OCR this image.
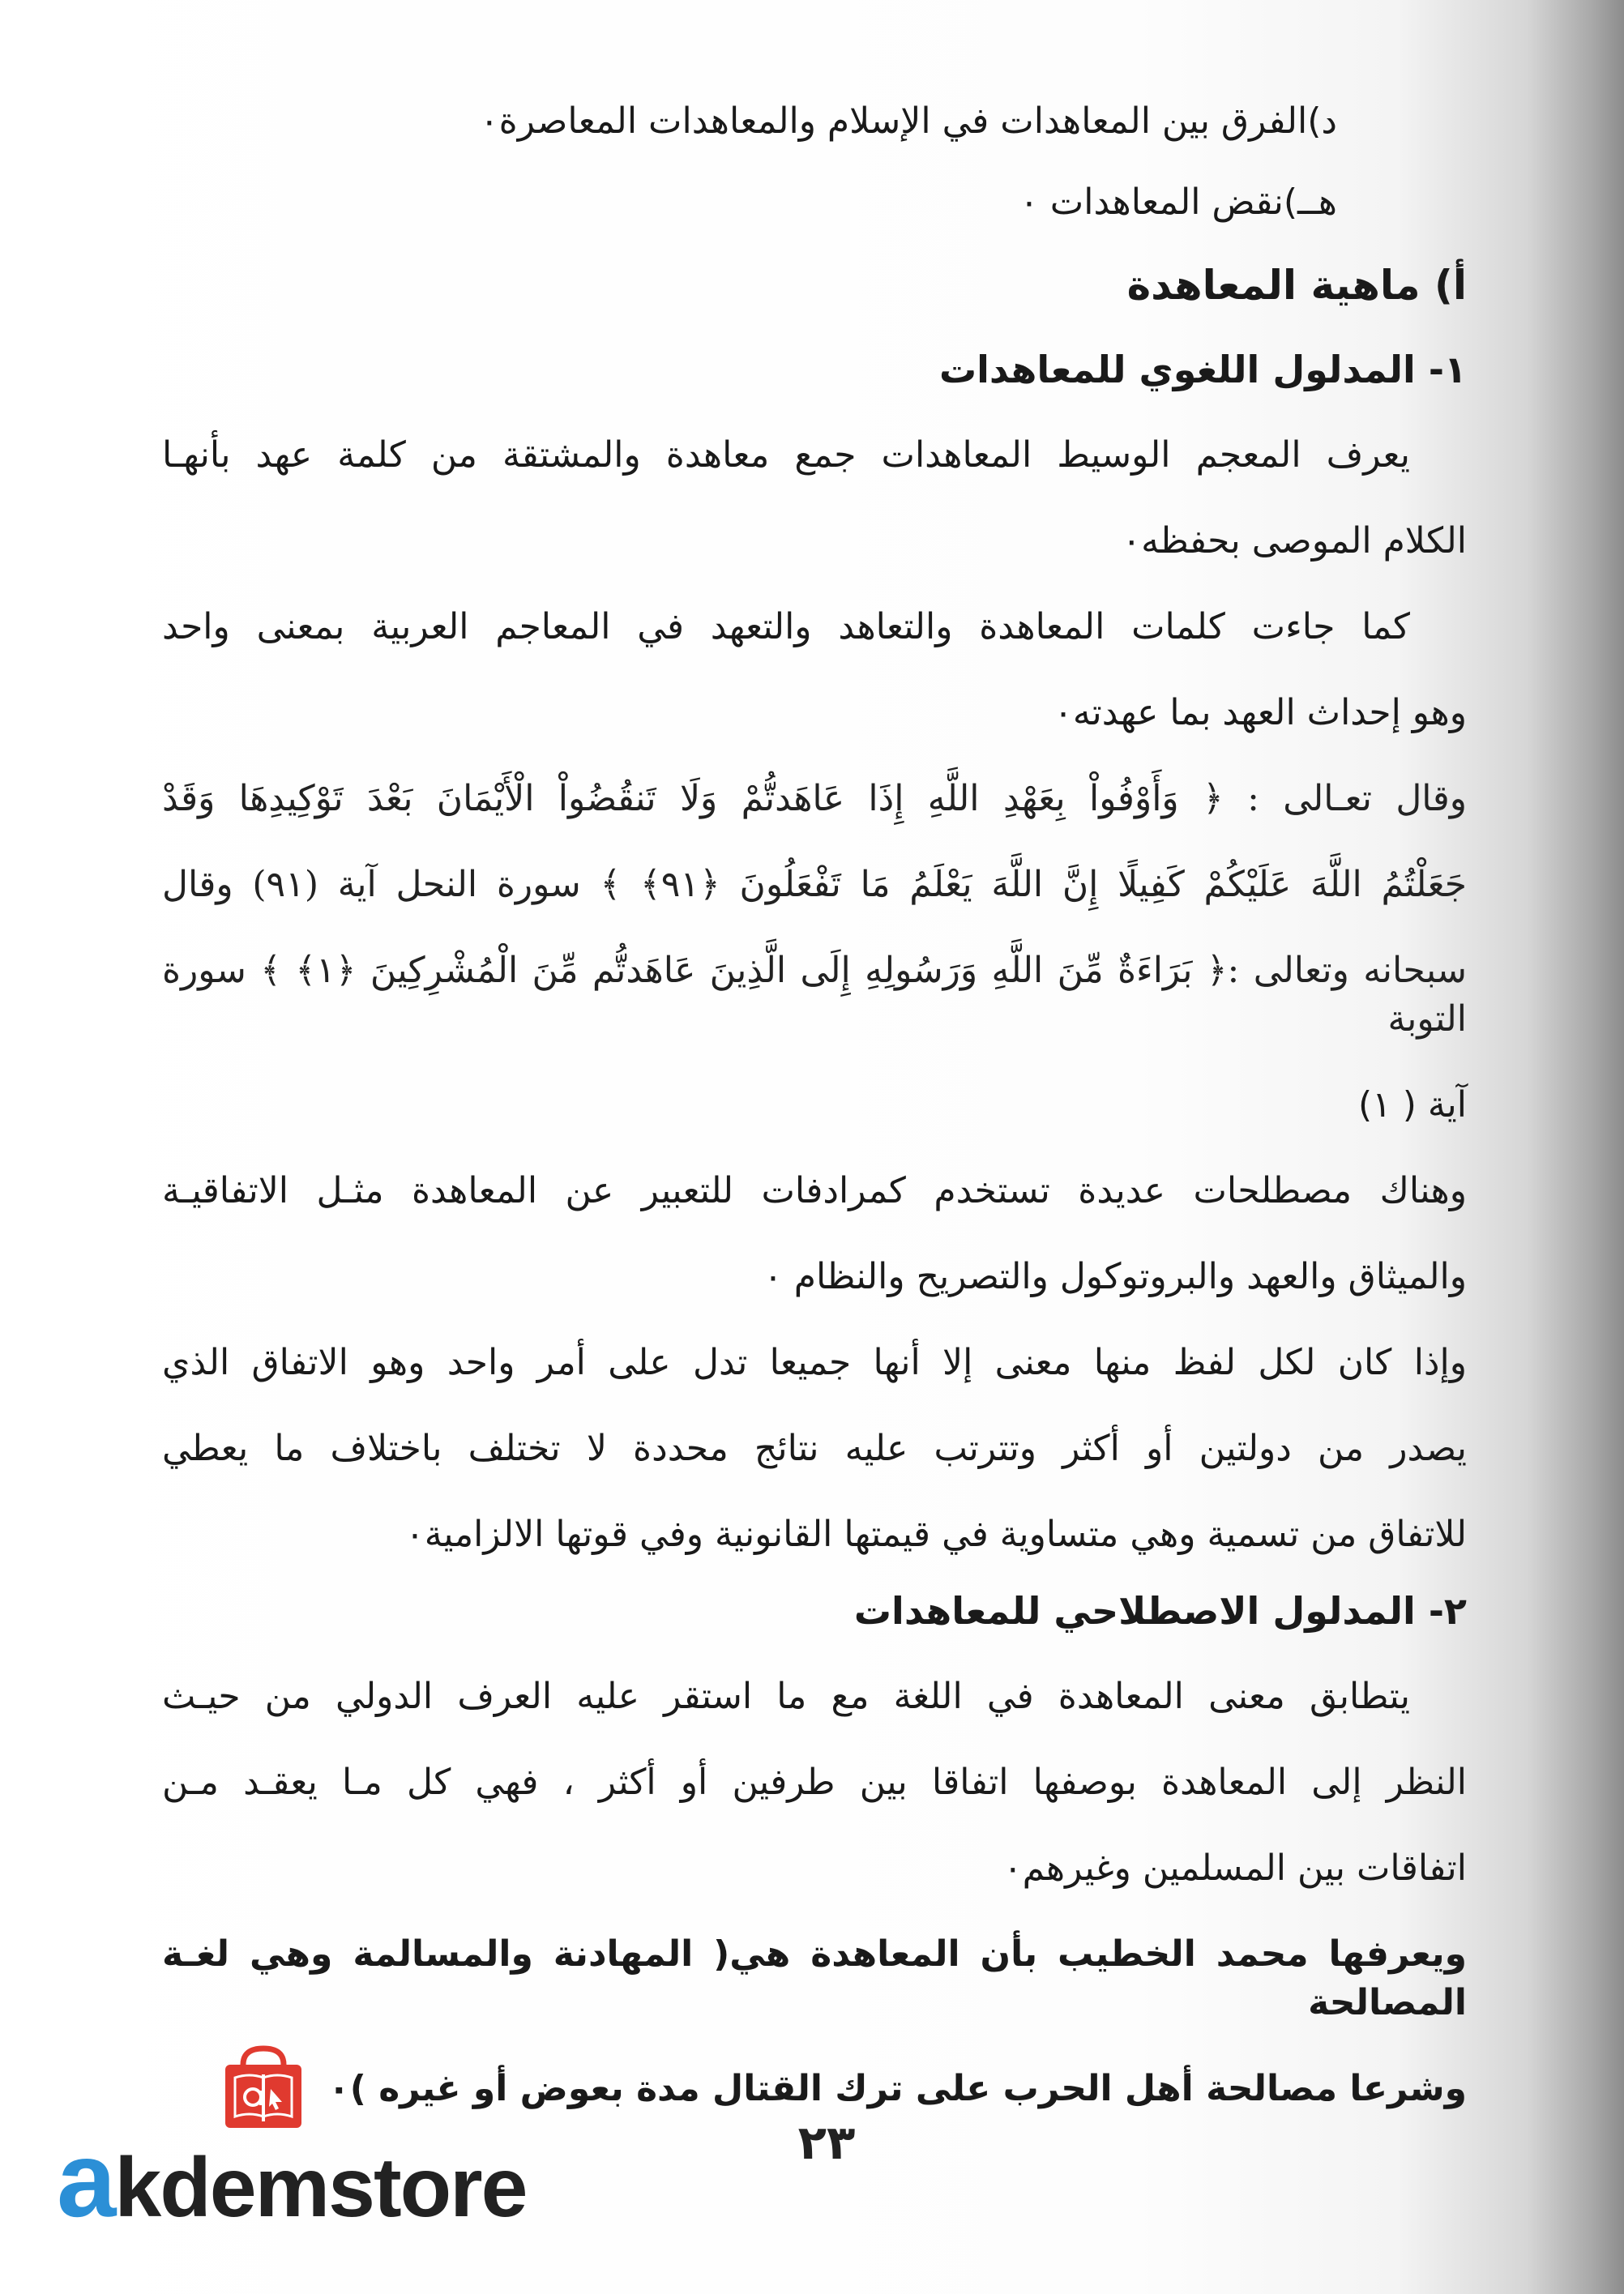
د)الفرق بين المعاهدات في الإسلام والمعاهدات المعاصرة٠

هــ)نقض المعاهدات ٠

أ) ماهية المعاهدة

١- المدلول اللغوي للمعاهدات

يعرف المعجم الوسيط المعاهدات جمع معاهدة والمشتقة من كلمة عهد بأنهـا

الكلام الموصى بحفظه٠

كما جاءت كلمات المعاهدة والتعاهد والتعهد في المعاجم العربية بمعنى واحد

وهو إحداث العهد بما عهدته٠

وقال تعـالى : ﴿ وَأَوْفُواْ بِعَهْدِ اللَّهِ إِذَا عَاهَدتُّمْ وَلَا تَنقُضُواْ الْأَيْمَانَ بَعْدَ تَوْكِيدِهَا وَقَدْ

جَعَلْتُمُ اللَّهَ عَلَيْكُمْ كَفِيلًا إِنَّ اللَّهَ يَعْلَمُ مَا تَفْعَلُونَ ﴿٩١﴾ ﴾ سورة النحل آية (٩١) وقال

سبحانه وتعالى :﴿ بَرَاءَةٌ مِّنَ اللَّهِ وَرَسُولِهِ إِلَى الَّذِينَ عَاهَدتُّم مِّنَ الْمُشْرِكِينَ ﴿١﴾ ﴾ سورة التوبة

آية ( ١)

وهناك مصطلحات عديدة تستخدم كمرادفات للتعبير عن المعاهدة مثـل الاتفاقيـة

والميثاق والعهد والبروتوكول والتصريح والنظام ٠

وإذا كان لكل لفظ منها معنى إلا أنها جميعا تدل على أمر واحد وهو الاتفاق الذي

يصدر من دولتين أو أكثر وتترتب عليه نتائج محددة لا تختلف باختلاف ما يعطي

للاتفاق من تسمية وهي متساوية في قيمتها القانونية وفي قوتها الالزامية٠

٢- المدلول الاصطلاحي للمعاهدات

يتطابق معنى المعاهدة في اللغة مع ما استقر عليه العرف الدولي من حيـث

النظر إلى المعاهدة بوصفها اتفاقا بين طرفين أو أكثر ، فهي كل مـا يعقـد مـن

اتفاقات بين المسلمين وغيرهم٠

ويعرفها محمد الخطيب بأن المعاهدة هي( المهادنة والمسالمة وهي لغـة المصالحة

وشرعا مصالحة أهل الحرب على ترك القتال مدة بعوض أو غيره )٠

٢٣
akdemstore
